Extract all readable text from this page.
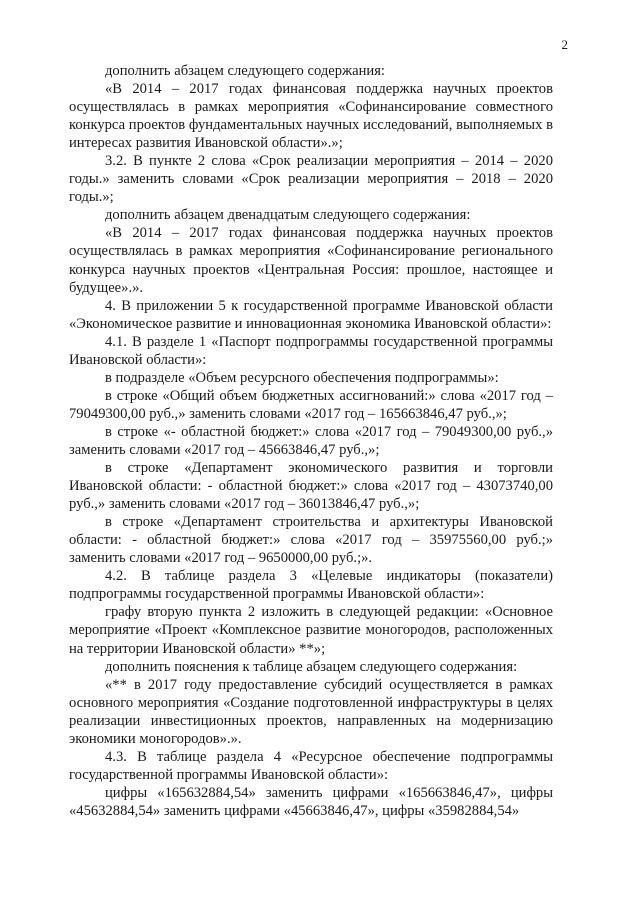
2

дополнить абзацем следующего содержания:

«В 2014 – 2017 годах финансовая поддержка научных проектов осуществлялась в рамках мероприятия «Софинансирование совместного конкурса проектов фундаментальных научных исследований, выполняемых в интересах развития Ивановской области».»;

3.2. В пункте 2 слова «Срок реализации мероприятия – 2014 – 2020 годы.» заменить словами «Срок реализации мероприятия – 2018 – 2020 годы.»;

дополнить абзацем двенадцатым следующего содержания:

«В 2014 – 2017 годах финансовая поддержка научных проектов осуществлялась в рамках мероприятия «Софинансирование регионального конкурса научных проектов «Центральная Россия: прошлое, настоящее и будущее».».

4. В приложении 5 к государственной программе Ивановской области «Экономическое развитие и инновационная экономика Ивановской области»:

4.1. В разделе 1 «Паспорт подпрограммы государственной программы Ивановской области»:

в подразделе «Объем ресурсного обеспечения подпрограммы»:

в строке «Общий объем бюджетных ассигнований:» слова «2017 год – 79049300,00 руб.,» заменить словами «2017 год – 165663846,47 руб.,»;

в строке «- областной бюджет:» слова «2017 год – 79049300,00 руб.,» заменить словами «2017 год – 45663846,47 руб.,»;

в строке «Департамент экономического развития и торговли Ивановской области: - областной бюджет:» слова «2017 год – 43073740,00 руб.,» заменить словами «2017 год – 36013846,47 руб.,»;

в строке «Департамент строительства и архитектуры Ивановской области: - областной бюджет:» слова «2017 год – 35975560,00 руб.;» заменить словами «2017 год – 9650000,00 руб.;».

4.2. В таблице раздела 3 «Целевые индикаторы (показатели) подпрограммы государственной программы Ивановской области»:

графу вторую пункта 2 изложить в следующей редакции: «Основное мероприятие «Проект «Комплексное развитие моногородов, расположенных на территории Ивановской области» **»;

дополнить пояснения к таблице абзацем следующего содержания:

«** в 2017 году предоставление субсидий осуществляется в рамках основного мероприятия «Создание подготовленной инфраструктуры в целях реализации инвестиционных проектов, направленных на модернизацию экономики моногородов».».

4.3. В таблице раздела 4 «Ресурсное обеспечение подпрограммы государственной программы Ивановской области»:

цифры «165632884,54» заменить цифрами «165663846,47», цифры «45632884,54» заменить цифрами «45663846,47», цифры «35982884,54»
